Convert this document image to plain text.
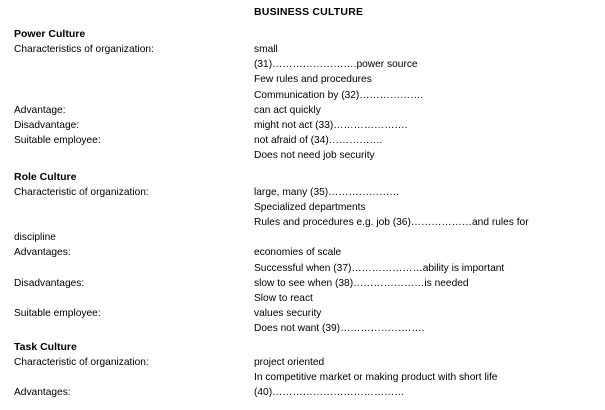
BUSINESS CULTURE
Power Culture
Characteristics of organization:	small
(31)…………………….power source
Few rules and procedures
Communication by (32)……………….
Advantage:	can act quickly
Disadvantage:	might not act (33)………………….
Suitable employee:	not afraid of (34)…………….
Does not need job security
Role Culture
Characteristic of organization:	large, many (35)…………………
Specialized departments
Rules and procedures e.g. job (36)………………and rules for
discipline
Advantages:	economies of scale
Successful when (37)…………………ability is important
Disadvantages:	slow to see when (38)…………………is needed
Slow to react
Suitable employee:	values security
Does not want (39)…………………….
Task Culture
Characteristic of organization:	project oriented
In competitive market or making product with short life
Advantages:	(40)…………………………………
